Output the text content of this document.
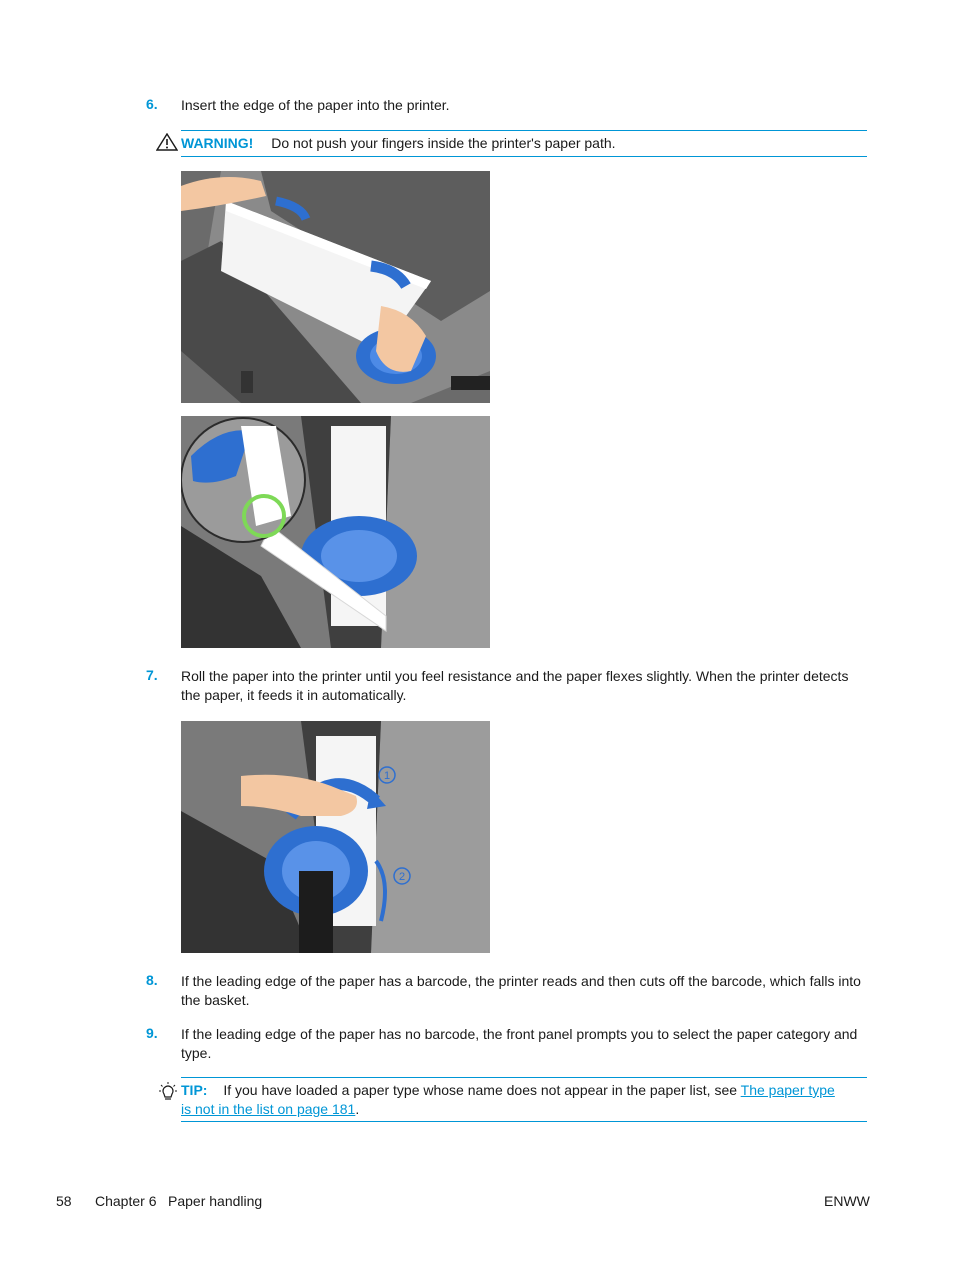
6.	Insert the edge of the paper into the printer.
WARNING! Do not push your fingers inside the printer's paper path.
7.	Roll the paper into the printer until you feel resistance and the paper flexes slightly. When the printer detects the paper, it feeds it in automatically.
1
2
8.	If the leading edge of the paper has a barcode, the printer reads and then cuts off the barcode, which falls into the basket.
9.	If the leading edge of the paper has no barcode, the front panel prompts you to select the paper category and type.
TIP: If you have loaded a paper type whose name does not appear in the paper list, see The paper type
is not in the list on page 181.
58 Chapter 6 Paper handling	ENWW
